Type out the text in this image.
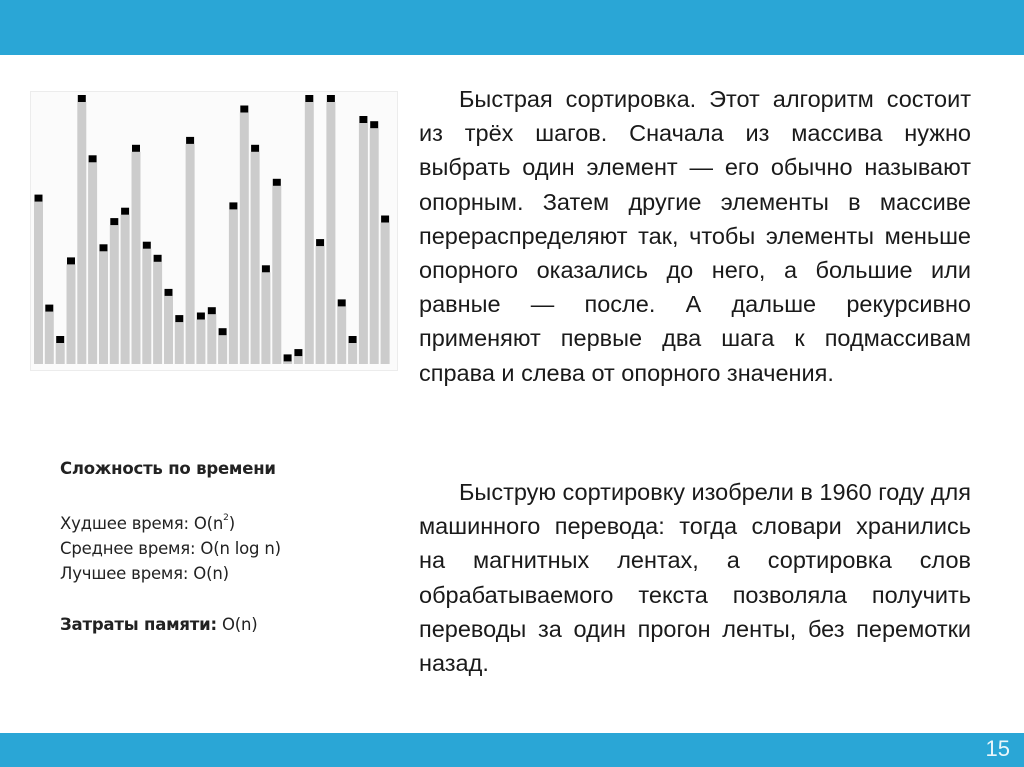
Сложность по времени
Худшее время: $O(n^2)$
Среднее время: O(n log n)
Лучшее время: O(n)
Затраты памяти: O(n)
Быстрая сортировка. Этот алгоритм состоит из трёх шагов. Сначала из массива нужно выбрать один элемент — его обычно называют опорным. Затем другие элементы в массиве перераспределяют так, чтобы элементы меньше опорного оказались до него, а большие или равные — после. А дальше рекурсивно применяют первые два шага к подмассивам справа и слева от опорного значения.
Быструю сортировку изобрели в 1960 году для машинного перевода: тогда словари хранились на магнитных лентах, а сортировка слов обрабатываемого текста позволяла получить переводы за один прогон ленты, без перемотки назад.
15
